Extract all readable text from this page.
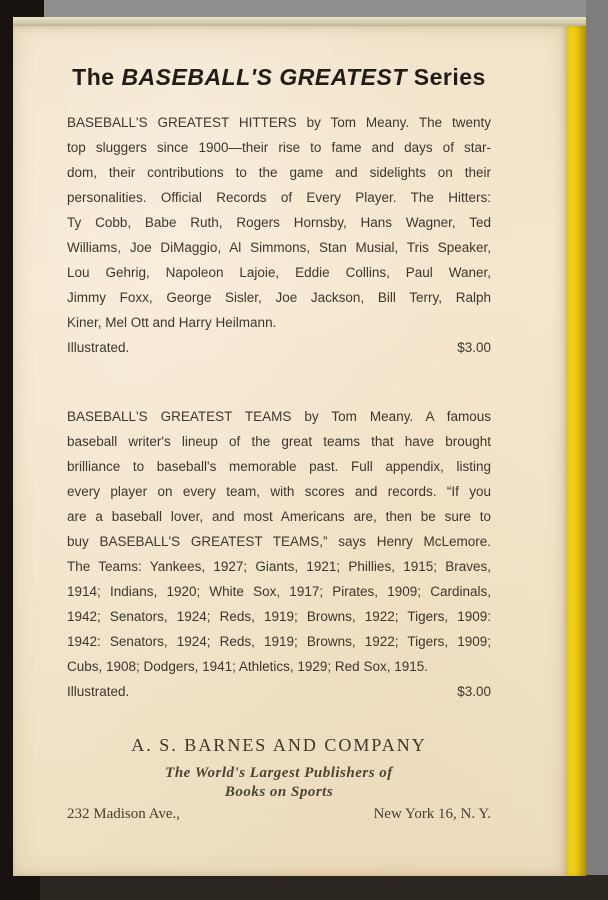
The BASEBALL'S GREATEST Series
BASEBALL'S GREATEST HITTERS by Tom Meany. The twenty
top sluggers since 1900—their rise to fame and days of star-
dom, their contributions to the game and sidelights on their
personalities. Official Records of Every Player. The Hitters:
Ty Cobb, Babe Ruth, Rogers Hornsby, Hans Wagner, Ted
Williams, Joe DiMaggio, Al Simmons, Stan Musial, Tris Speaker,
Lou Gehrig, Napoleon Lajoie, Eddie Collins, Paul Waner,
Jimmy Foxx, George Sisler, Joe Jackson, Bill Terry, Ralph
Kiner, Mel Ott and Harry Heilmann.
Illustrated.	$3.00
BASEBALL'S GREATEST TEAMS by Tom Meany. A famous
baseball writer's lineup of the great teams that have brought
brilliance to baseball's memorable past. Full appendix, listing
every player on every team, with scores and records. “If you
are a baseball lover, and most Americans are, then be sure to
buy BASEBALL'S GREATEST TEAMS,” says Henry McLemore.
The Teams: Yankees, 1927; Giants, 1921; Phillies, 1915; Braves,
1914; Indians, 1920; White Sox, 1917; Pirates, 1909; Cardinals,
1942; Senators, 1924; Reds, 1919; Browns, 1922; Tigers, 1909:
1942: Senators, 1924; Reds, 1919; Browns, 1922; Tigers, 1909;
Cubs, 1908; Dodgers, 1941; Athletics, 1929; Red Sox, 1915.
Illustrated.	$3.00
A. S. BARNES AND COMPANY
The World's Largest Publishers of
Books on Sports
232 Madison Ave.,	New York 16, N. Y.
